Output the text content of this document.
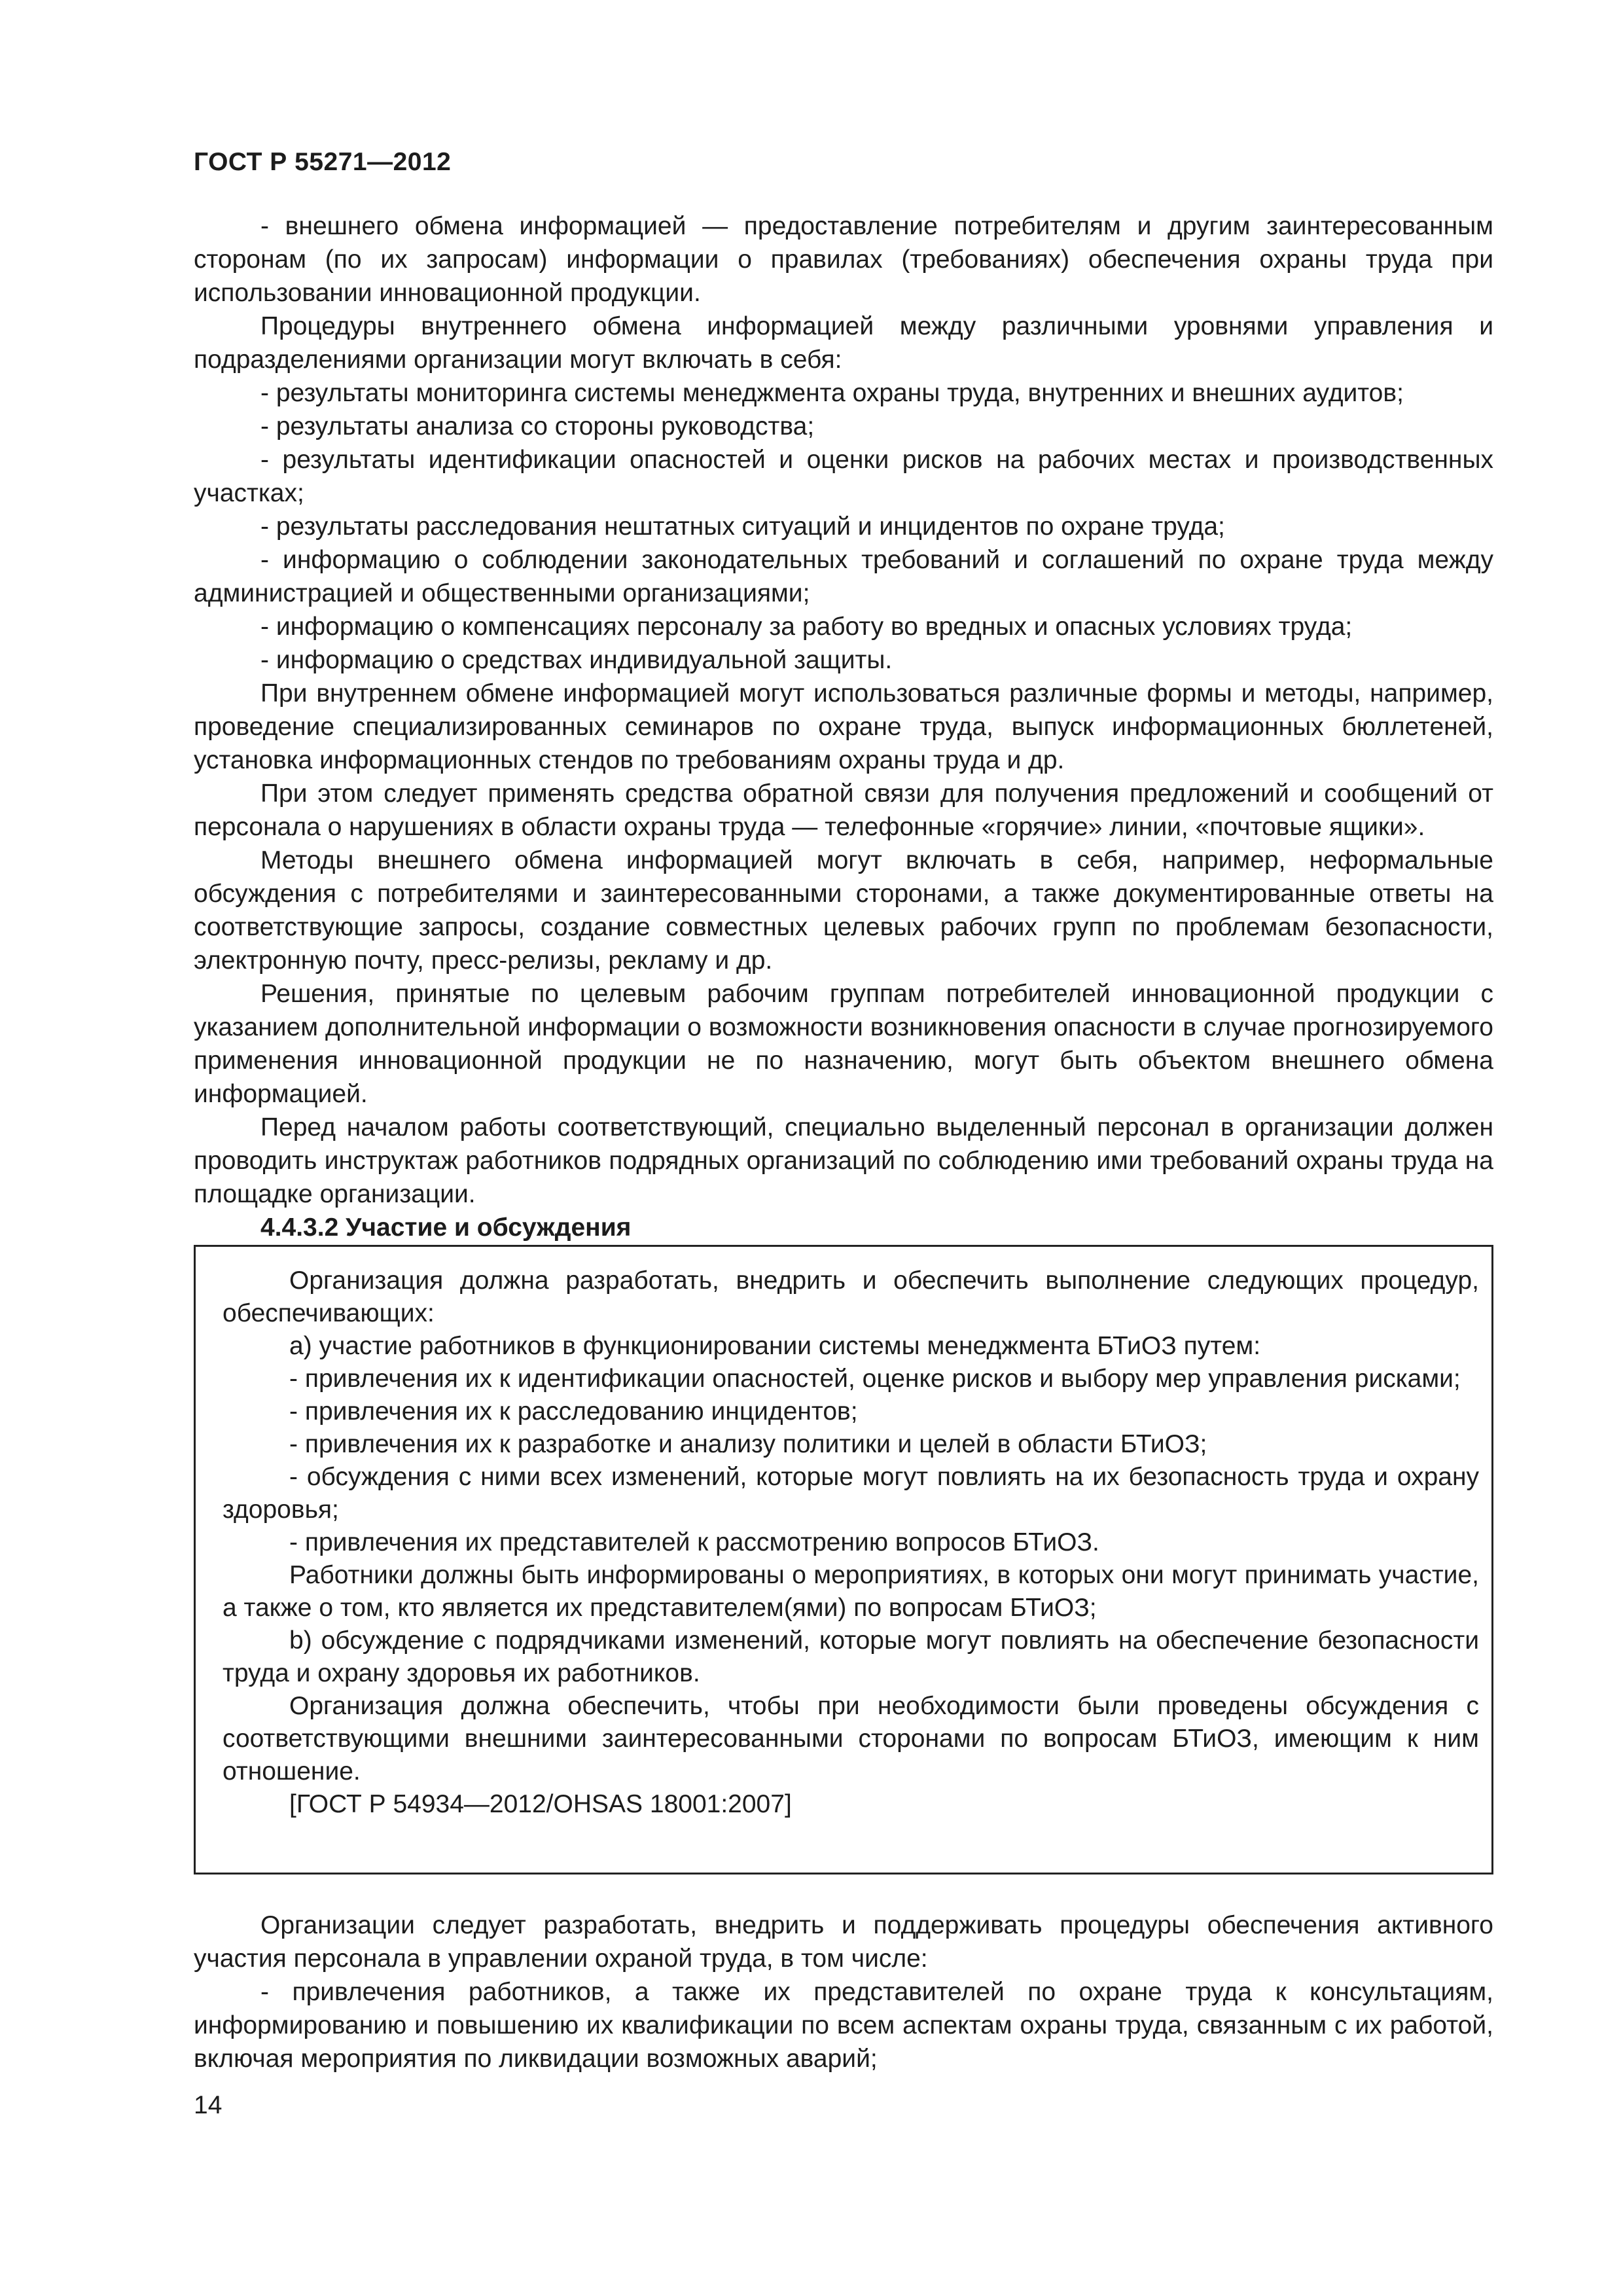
ГОСТ Р 55271—2012

- внешнего обмена информацией — предоставление потребителям и другим заинтересованным сторонам (по их запросам) информации о правилах (требованиях) обеспечения охраны труда при использовании инновационной продукции.

Процедуры внутреннего обмена информацией между различными уровнями управления и подразделениями организации могут включать в себя:

- результаты мониторинга системы менеджмента охраны труда, внутренних и внешних аудитов;

- результаты анализа со стороны руководства;

- результаты идентификации опасностей и оценки рисков на рабочих местах и производственных участках;

- результаты расследования нештатных ситуаций и инцидентов по охране труда;

- информацию о соблюдении законодательных требований и соглашений по охране труда между администрацией и общественными организациями;

- информацию о компенсациях персоналу за работу во вредных и опасных условиях труда;

- информацию о средствах индивидуальной защиты.

При внутреннем обмене информацией могут использоваться различные формы и методы, например, проведение специализированных семинаров по охране труда, выпуск информационных бюллетеней, установка информационных стендов по требованиям охраны труда и др.

При этом следует применять средства обратной связи для получения предложений и сообщений от персонала о нарушениях в области охраны труда — телефонные «горячие» линии, «почтовые ящики».

Методы внешнего обмена информацией могут включать в себя, например, неформальные обсуждения с потребителями и заинтересованными сторонами, а также документированные ответы на соответствующие запросы, создание совместных целевых рабочих групп по проблемам безопасности, электронную почту, пресс-релизы, рекламу и др.

Решения, принятые по целевым рабочим группам потребителей инновационной продукции с указанием дополнительной информации о возможности возникновения опасности в случае прогнозируемого применения инновационной продукции не по назначению, могут быть объектом внешнего обмена информацией.

Перед началом работы соответствующий, специально выделенный персонал в организации должен проводить инструктаж работников подрядных организаций по соблюдению ими требований охраны труда на площадке организации.

4.4.3.2 Участие и обсуждения

Организация должна разработать, внедрить и обеспечить выполнение следующих процедур, обеспечивающих:

a) участие работников в функционировании системы менеджмента БТиОЗ путем:

- привлечения их к идентификации опасностей, оценке рисков и выбору мер управления рисками;

- привлечения их к расследованию инцидентов;

- привлечения их к разработке и анализу политики и целей в области БТиОЗ;

- обсуждения с ними всех изменений, которые могут повлиять на их безопасность труда и охрану здоровья;

- привлечения их представителей к рассмотрению вопросов БТиОЗ.

Работники должны быть информированы о мероприятиях, в которых они могут принимать участие, а также о том, кто является их представителем(ями) по вопросам БТиОЗ;

b) обсуждение с подрядчиками изменений, которые могут повлиять на обеспечение безопасности труда и охрану здоровья их работников.

Организация должна обеспечить, чтобы при необходимости были проведены обсуждения с соответствующими внешними заинтересованными сторонами по вопросам БТиОЗ, имеющим к ним отношение.

[ГОСТ Р 54934—2012/OHSAS 18001:2007]

Организации следует разработать, внедрить и поддерживать процедуры обеспечения активного участия персонала в управлении охраной труда, в том числе:

- привлечения работников, а также их представителей по охране труда к консультациям, информированию и повышению их квалификации по всем аспектам охраны труда, связанным с их работой, включая мероприятия по ликвидации возможных аварий;

14
